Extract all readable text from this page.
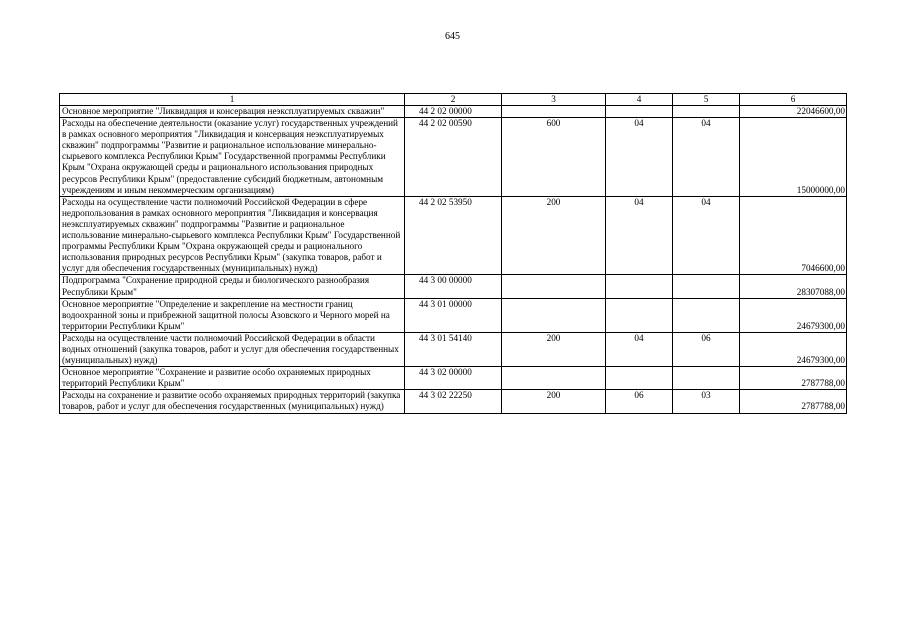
645
1	2	3	4	5	6
Основное мероприятие "Ликвидация и консервация неэксплуатируемых скважин"	44 2 02 00000				22046600,00
Расходы на обеспечение деятельности (оказание услуг) государственных учреждений в рамках основного мероприятия "Ликвидация и консервация неэксплуатируемых скважин" подпрограммы "Развитие и рациональное использование минерально-сырьевого комплекса Республики Крым" Государственной программы Республики Крым "Охрана окружающей среды и рационального использования природных ресурсов Республики Крым" (предоставление субсидий бюджетным, автономным учреждениям и иным некоммерческим организациям)	44 2 02 00590	600	04	04	15000000,00
Расходы на осуществление части полномочий Российской Федерации в сфере недропользования в рамках основного мероприятия "Ликвидация и консервация неэксплуатируемых скважин" подпрограммы "Развитие и рациональное использование минерально-сырьевого комплекса Республики Крым" Государственной программы Республики Крым "Охрана окружающей среды и рационального использования природных ресурсов Республики Крым" (закупка товаров, работ и услуг для обеспечения государственных (муниципальных) нужд)	44 2 02 53950	200	04	04	7046600,00
Подпрограмма "Сохранение природной среды и биологического разнообразия Республики Крым"	44 3 00 00000				28307088,00
Основное мероприятие "Определение и закрепление на местности границ водоохранной зоны и прибрежной защитной полосы Азовского и Черного морей на территории Республики Крым"	44 3 01 00000				24679300,00
Расходы на осуществление части полномочий Российской Федерации в области водных отношений (закупка товаров, работ и услуг для обеспечения государственных (муниципальных) нужд)	44 3 01 54140	200	04	06	24679300,00
Основное мероприятие "Сохранение и развитие особо охраняемых природных территорий Республики Крым"	44 3 02 00000				2787788,00
Расходы на сохранение и развитие особо охраняемых природных территорий (закупка товаров, работ и услуг для обеспечения государственных (муниципальных) нужд)	44 3 02 22250	200	06	03	2787788,00
